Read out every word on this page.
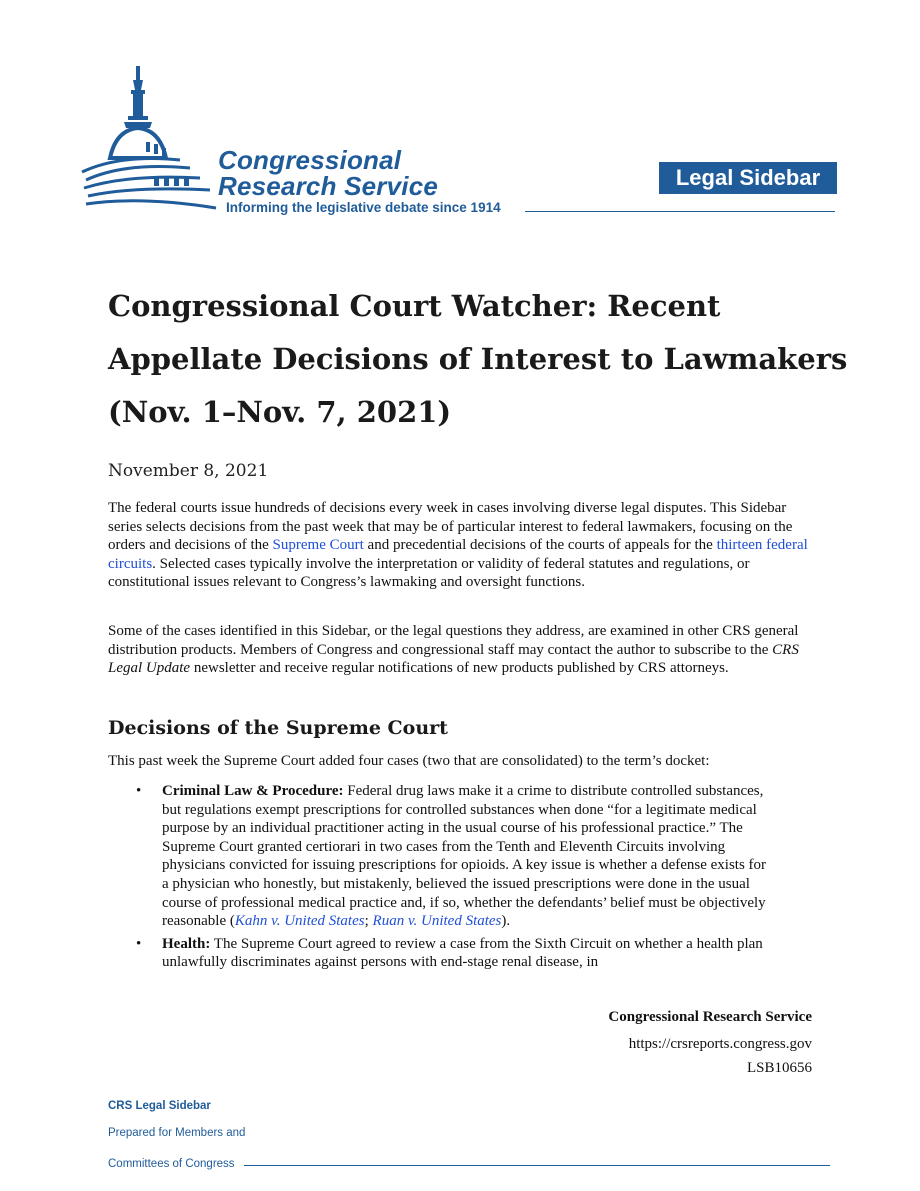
Congressional
Research Service
Informing the legislative debate since 1914
Legal Sidebar
Congressional Court Watcher: Recent Appellate Decisions of Interest to Lawmakers (Nov. 1–Nov. 7, 2021)
November 8, 2021

The federal courts issue hundreds of decisions every week in cases involving diverse legal disputes. This Sidebar series selects decisions from the past week that may be of particular interest to federal lawmakers, focusing on the orders and decisions of the Supreme Court and precedential decisions of the courts of appeals for the thirteen federal circuits. Selected cases typically involve the interpretation or validity of federal statutes and regulations, or constitutional issues relevant to Congress’s lawmaking and oversight functions.

Some of the cases identified in this Sidebar, or the legal questions they address, are examined in other CRS general distribution products. Members of Congress and congressional staff may contact the author to subscribe to the CRS Legal Update newsletter and receive regular notifications of new products published by CRS attorneys.

Decisions of the Supreme Court

This past week the Supreme Court added four cases (two that are consolidated) to the term’s docket:

• Criminal Law & Procedure: Federal drug laws make it a crime to distribute controlled substances, but regulations exempt prescriptions for controlled substances when done “for a legitimate medical purpose by an individual practitioner acting in the usual course of his professional practice.” The Supreme Court granted certiorari in two cases from the Tenth and Eleventh Circuits involving physicians convicted for issuing prescriptions for opioids. A key issue is whether a defense exists for a physician who honestly, but mistakenly, believed the issued prescriptions were done in the usual course of professional medical practice and, if so, whether the defendants’ belief must be objectively reasonable (Kahn v. United States; Ruan v. United States).
• Health: The Supreme Court agreed to review a case from the Sixth Circuit on whether a health plan unlawfully discriminates against persons with end-stage renal disease, in
Congressional Research Service
https://crsreports.congress.gov
LSB10656
CRS Legal Sidebar
Prepared for Members and
Committees of Congress
